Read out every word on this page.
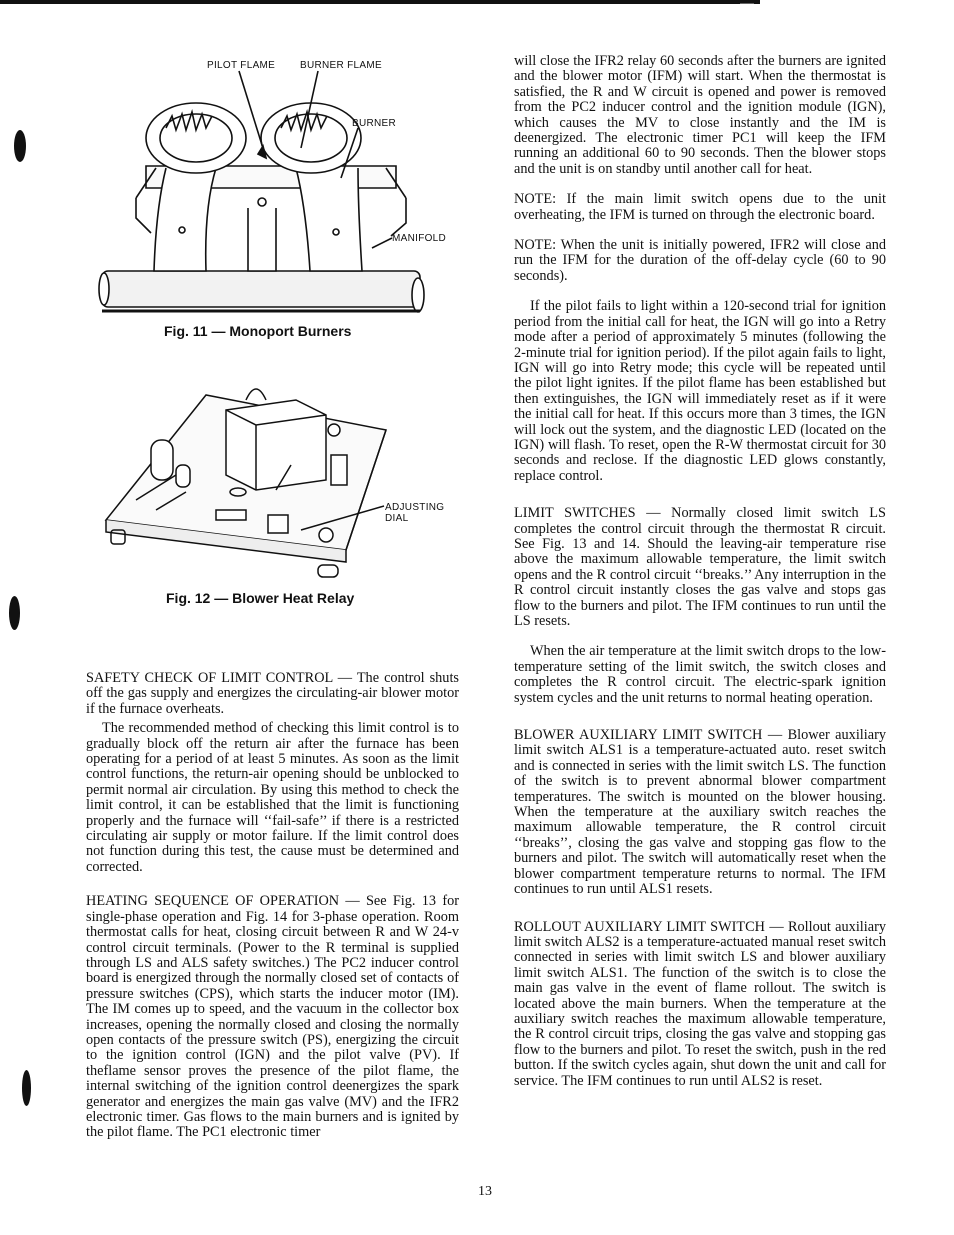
PILOT FLAME BURNER FLAME
BURNER
MANIFOLD
Fig. 11 — Monoport Burners
ADJUSTING
DIAL
Fig. 12 — Blower Heat Relay

SAFETY CHECK OF LIMIT CONTROL — The control shuts off the gas supply and energizes the circulating-air blower motor if the furnace overheats.

The recommended method of checking this limit control is to gradually block off the return air after the furnace has been operating for a period of at least 5 minutes. As soon as the limit control functions, the return-air opening should be unblocked to permit normal air circulation. By using this method to check the limit control, it can be established that the limit is functioning properly and the furnace will ‘‘fail-safe’’ if there is a restricted circulating air supply or motor failure. If the limit control does not function during this test, the cause must be determined and corrected.

HEATING SEQUENCE OF OPERATION — See Fig. 13 for single-phase operation and Fig. 14 for 3-phase operation. Room thermostat calls for heat, closing circuit between R and W 24-v control circuit terminals. (Power to the R terminal is supplied through LS and ALS safety switches.) The PC2 inducer control board is energized through the normally closed set of contacts of pressure switches (CPS), which starts the inducer motor (IM). The IM comes up to speed, and the vacuum in the collector box increases, opening the normally closed and closing the normally open contacts of the pressure switch (PS), energizing the circuit to the ignition control (IGN) and the pilot valve (PV). If theflame sensor proves the presence of the pilot flame, the internal switching of the ignition control deenergizes the spark generator and energizes the main gas valve (MV) and the IFR2 electronic timer. Gas flows to the main burners and is ignited by the pilot flame. The PC1 electronic timer

will close the IFR2 relay 60 seconds after the burners are ignited and the blower motor (IFM) will start. When the thermostat is satisfied, the R and W circuit is opened and power is removed from the PC2 inducer control and the ignition module (IGN), which causes the MV to close instantly and the IM is deenergized. The electronic timer PC1 will keep the IFM running an additional 60 to 90 seconds. Then the blower stops and the unit is on standby until another call for heat.

NOTE: If the main limit switch opens due to the unit overheating, the IFM is turned on through the electronic board.

NOTE: When the unit is initially powered, IFR2 will close and run the IFM for the duration of the off-delay cycle (60 to 90 seconds).

If the pilot fails to light within a 120-second trial for ignition period from the initial call for heat, the IGN will go into a Retry mode after a period of approximately 5 minutes (following the 2-minute trial for ignition period). If the pilot again fails to light, IGN will go into Retry mode; this cycle will be repeated until the pilot light ignites. If the pilot flame has been established but then extinguishes, the IGN will immediately reset as if it were the initial call for heat. If this occurs more than 3 times, the IGN will lock out the system, and the diagnostic LED (located on the IGN) will flash. To reset, open the R-W thermostat circuit for 30 seconds and reclose. If the diagnostic LED glows constantly, replace control.

LIMIT SWITCHES — Normally closed limit switch LS completes the control circuit through the thermostat R circuit. See Fig. 13 and 14. Should the leaving-air temperature rise above the maximum allowable temperature, the limit switch opens and the R control circuit ‘‘breaks.’’ Any interruption in the R control circuit instantly closes the gas valve and stops gas flow to the burners and pilot. The IFM continues to run until the LS resets.

When the air temperature at the limit switch drops to the low-temperature setting of the limit switch, the switch closes and completes the R control circuit. The electric-spark ignition system cycles and the unit returns to normal heating operation.

BLOWER AUXILIARY LIMIT SWITCH — Blower auxiliary limit switch ALS1 is a temperature-actuated auto. reset switch and is connected in series with the limit switch LS. The function of the switch is to prevent abnormal blower compartment temperatures. The switch is mounted on the blower housing. When the temperature at the auxiliary switch reaches the maximum allowable temperature, the R control circuit ‘‘breaks’’, closing the gas valve and stopping gas flow to the burners and pilot. The switch will automatically reset when the blower compartment temperature returns to normal. The IFM continues to run until ALS1 resets.

ROLLOUT AUXILIARY LIMIT SWITCH — Rollout auxiliary limit switch ALS2 is a temperature-actuated manual reset switch connected in series with limit switch LS and blower auxiliary limit switch ALS1. The function of the switch is to close the main gas valve in the event of flame rollout. The switch is located above the main burners. When the temperature at the auxiliary switch reaches the maximum allowable temperature, the R control circuit trips, closing the gas valve and stopping gas flow to the burners and pilot. To reset the switch, push in the red button. If the switch cycles again, shut down the unit and call for service. The IFM continues to run until ALS2 is reset.

13
